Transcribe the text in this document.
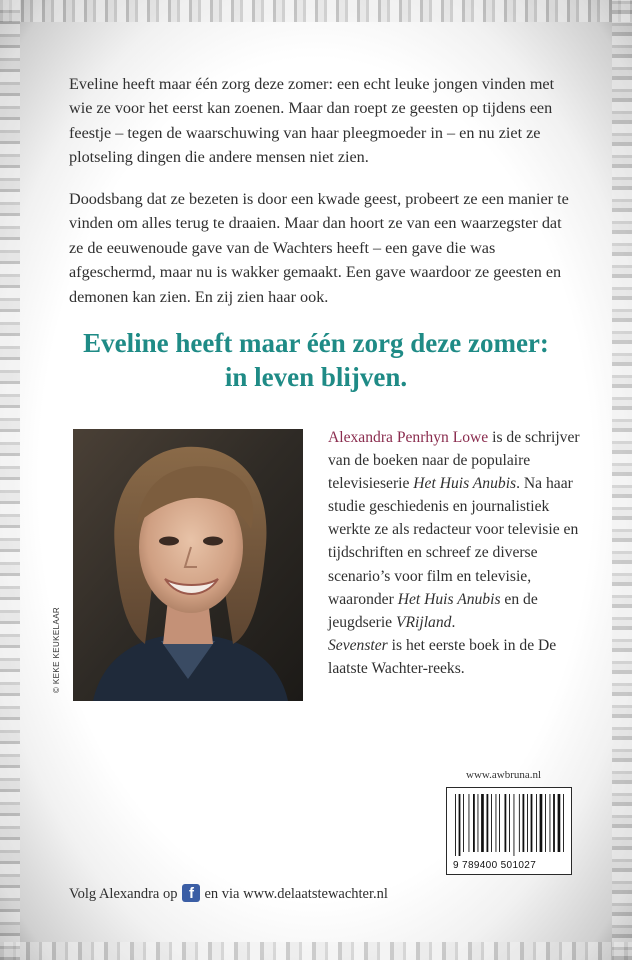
Eveline heeft maar één zorg deze zomer: een echt leuke jongen vinden met wie ze voor het eerst kan zoenen. Maar dan roept ze geesten op tijdens een feestje – tegen de waarschuwing van haar pleegmoeder in – en nu ziet ze plotseling dingen die andere mensen niet zien.

Doodsbang dat ze bezeten is door een kwade geest, probeert ze een manier te vinden om alles terug te draaien. Maar dan hoort ze van een waarzegster dat ze de eeuwenoude gave van de Wachters heeft – een gave die was afgeschermd, maar nu is wakker gemaakt. Een gave waardoor ze geesten en demonen kan zien. En zij zien haar ook.

Eveline heeft maar één zorg deze zomer:
in leven blijven.
© KEKE KEUKELAAR

Alexandra Penrhyn Lowe is de schrijver van de boeken naar de populaire televisieserie Het Huis Anubis. Na haar studie geschiedenis en journalistiek werkte ze als redacteur voor televisie en tijdschriften en schreef ze diverse scenario’s voor film en televisie, waaronder Het Huis Anubis en de jeugdserie VRijland.
Sevenster is het eerste boek in de De laatste Wachter-reeks.

www.awbruna.nl
9 789400 501027
Volg Alexandra op f en via www.delaatstewachter.nl
